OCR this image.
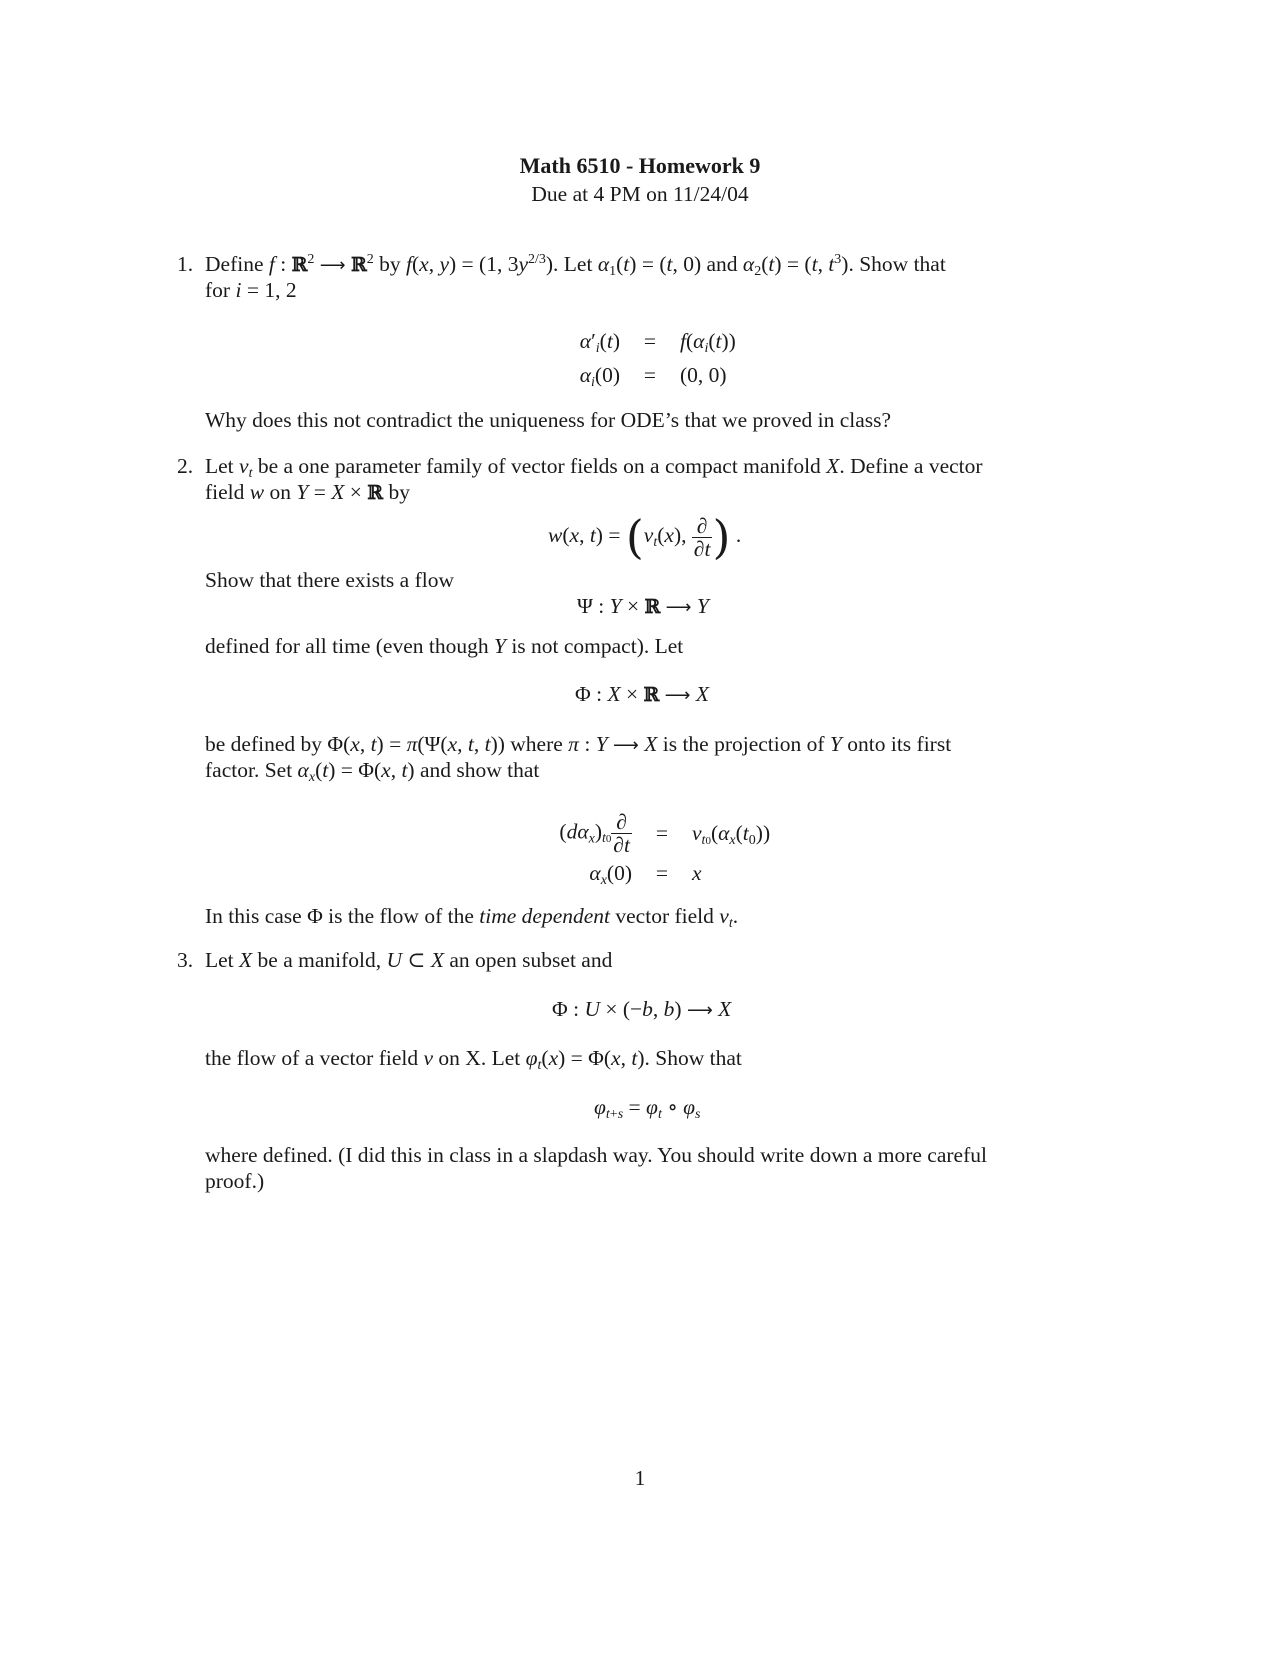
Math 6510 - Homework 9
Due at 4 PM on 11/24/04
1. Define f : ℝ$^2$ ⟶ ℝ$^2$ by f(x, y) = (1, $3y^{2/3}$). Let $\alpha_1(t) = (t$, 0) and $\alpha_2(t) = (t$, $t^3$). Show that
for i = 1, 2
$\alpha'_i(t)$	=	$f(\alpha_i(t))$
$\alpha_i(0)$	=	(0, 0)
Why does this not contradict the uniqueness for ODE’s that we proved in class?
2. Let $v_t$ be a one parameter family of vector fields on a compact manifold X. Define a vector
field w on Y = X × ℝ by
w(x, $t) = (v_t(x)$, $\frac{\partial}{\partial t}$ ) .
Show that there exists a flow
Ψ : Y × ℝ ⟶ Y
defined for all time (even though Y is not compact). Let
Φ : X × ℝ ⟶ X
be defined by Φ(x, t) = π(Ψ(x, t, t)) where π : Y ⟶ X is the projection of Y onto its first
factor. Set $\alpha_x(t) = \Phi(x$, t) and show that
$(d\alpha_x)_{t0} \frac{\partial}{\partial t}$	=	$v_{t0}(\alpha_x(t_0))$
$\alpha_x(0)$	=	x
In this case Φ is the flow of the time dependent vector field $v_t$.
3. Let X be a manifold, U ⊂ X an open subset and
Φ : U × (−b, b) ⟶ X
the flow of a vector field v on X. Let $\varphi_t(x) = \Phi(x$, t). Show that
$\varphi_{t+s} = \varphi_t$ ∘ $\varphi_s$
where defined. (I did this in class in a slapdash way. You should write down a more careful
proof.)
1
